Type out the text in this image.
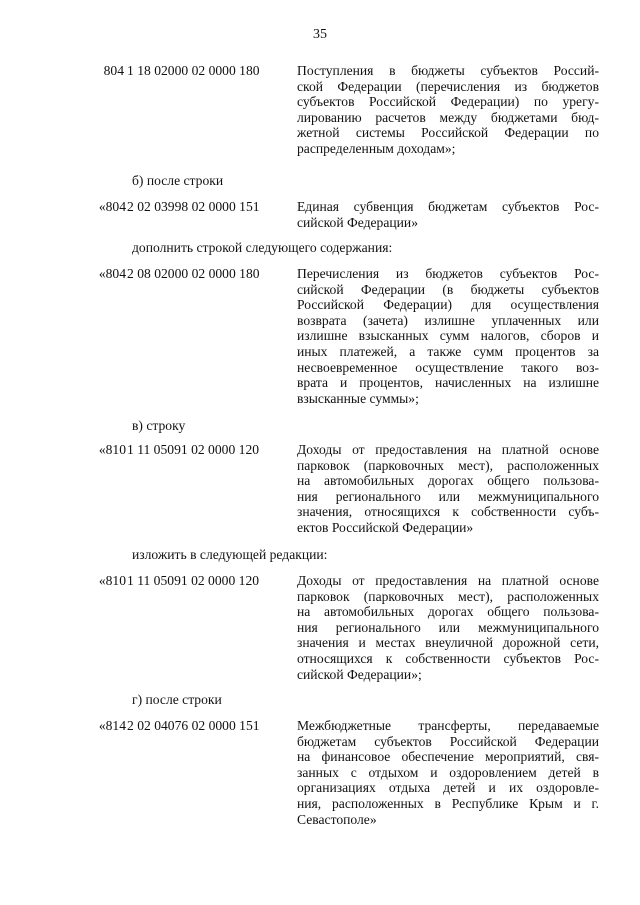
35
804 1 18 02000 02 0000 180	Поступления в бюджеты субъектов Россий-
ской Федерации (перечисления из бюджетов
субъектов Российской Федерации) по урегу-
лированию расчетов между бюджетами бюд-
жетной системы Российской Федерации по
распределенным доходам»;
б) после строки
«804 2 02 03998 02 0000 151	Единая субвенция бюджетам субъектов Рос-
сийской Федерации»
дополнить строкой следующего содержания:
«804 2 08 02000 02 0000 180	Перечисления из бюджетов субъектов Рос-
сийской Федерации (в бюджеты субъектов
Российской Федерации) для осуществления
возврата (зачета) излишне уплаченных или
излишне взысканных сумм налогов, сборов и
иных платежей, а также сумм процентов за
несвоевременное осуществление такого воз-
врата и процентов, начисленных на излишне
взысканные суммы»;
в) строку
«810 1 11 05091 02 0000 120	Доходы от предоставления на платной основе
парковок (парковочных мест), расположенных
на автомобильных дорогах общего пользова-
ния регионального или межмуниципального
значения, относящихся к собственности субъ-
ектов Российской Федерации»
изложить в следующей редакции:
«810 1 11 05091 02 0000 120	Доходы от предоставления на платной основе
парковок (парковочных мест), расположенных
на автомобильных дорогах общего пользова-
ния регионального или межмуниципального
значения и местах внеуличной дорожной сети,
относящихся к собственности субъектов Рос-
сийской Федерации»;
г) после строки
«814 2 02 04076 02 0000 151	Межбюджетные трансферты, передаваемые
бюджетам субъектов Российской Федерации
на финансовое обеспечение мероприятий, свя-
занных с отдыхом и оздоровлением детей в
организациях отдыха детей и их оздоровле-
ния, расположенных в Республике Крым и г.
Севастополе»
